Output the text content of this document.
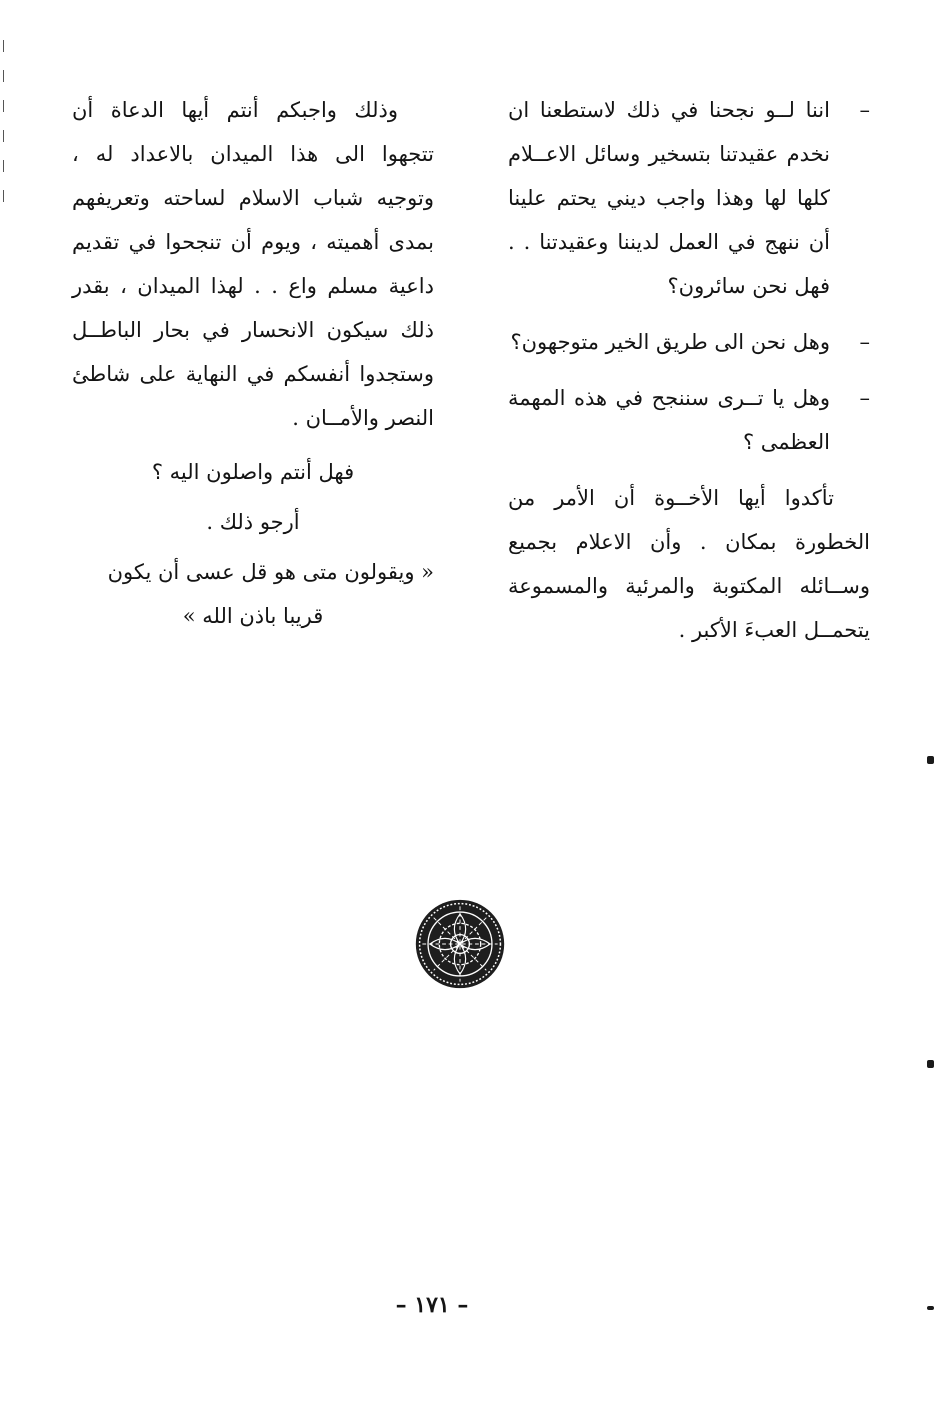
–
اننا لــو نجحنا في ذلك لاستطعنا ان نخدم عقيدتنا بتسخير وسائل الاعــلام كلها لها وهذا واجب ديني يحتم علينا أن ننهج في العمل لديننا وعقيدتنا . . فهل نحن سائرون؟
–
وهل نحن الى طريق الخير متوجهون؟
–
وهل يا تــرى سننجح في هذه المهمة العظمى ؟

تأكدوا أيها الأخــوة أن الأمر من الخطورة بمكان . وأن الاعلام بجميع وســائله المكتوبة والمرئية والمسموعة يتحمــل العبءَ الأكبر .

وذلك واجبكم أنتم أيها الدعاة أن تتجهوا الى هذا الميدان بالاعداد له ، وتوجيه شباب الاسلام لساحته وتعريفهم بمدى أهميته ، ويوم أن تنجحوا في تقديم داعية مسلم واع . . لهذا الميدان ، بقدر ذلك سيكون الانحسار في بحار الباطــل وستجدوا أنفسكم في النهاية على شاطئ النصر والأمــان .

فهل أنتم واصلون اليه ؟

أرجو ذلك .

« ويقولون متى هو قل عسى أن يكون

قريبا باذن الله »

– ١٧١ –
